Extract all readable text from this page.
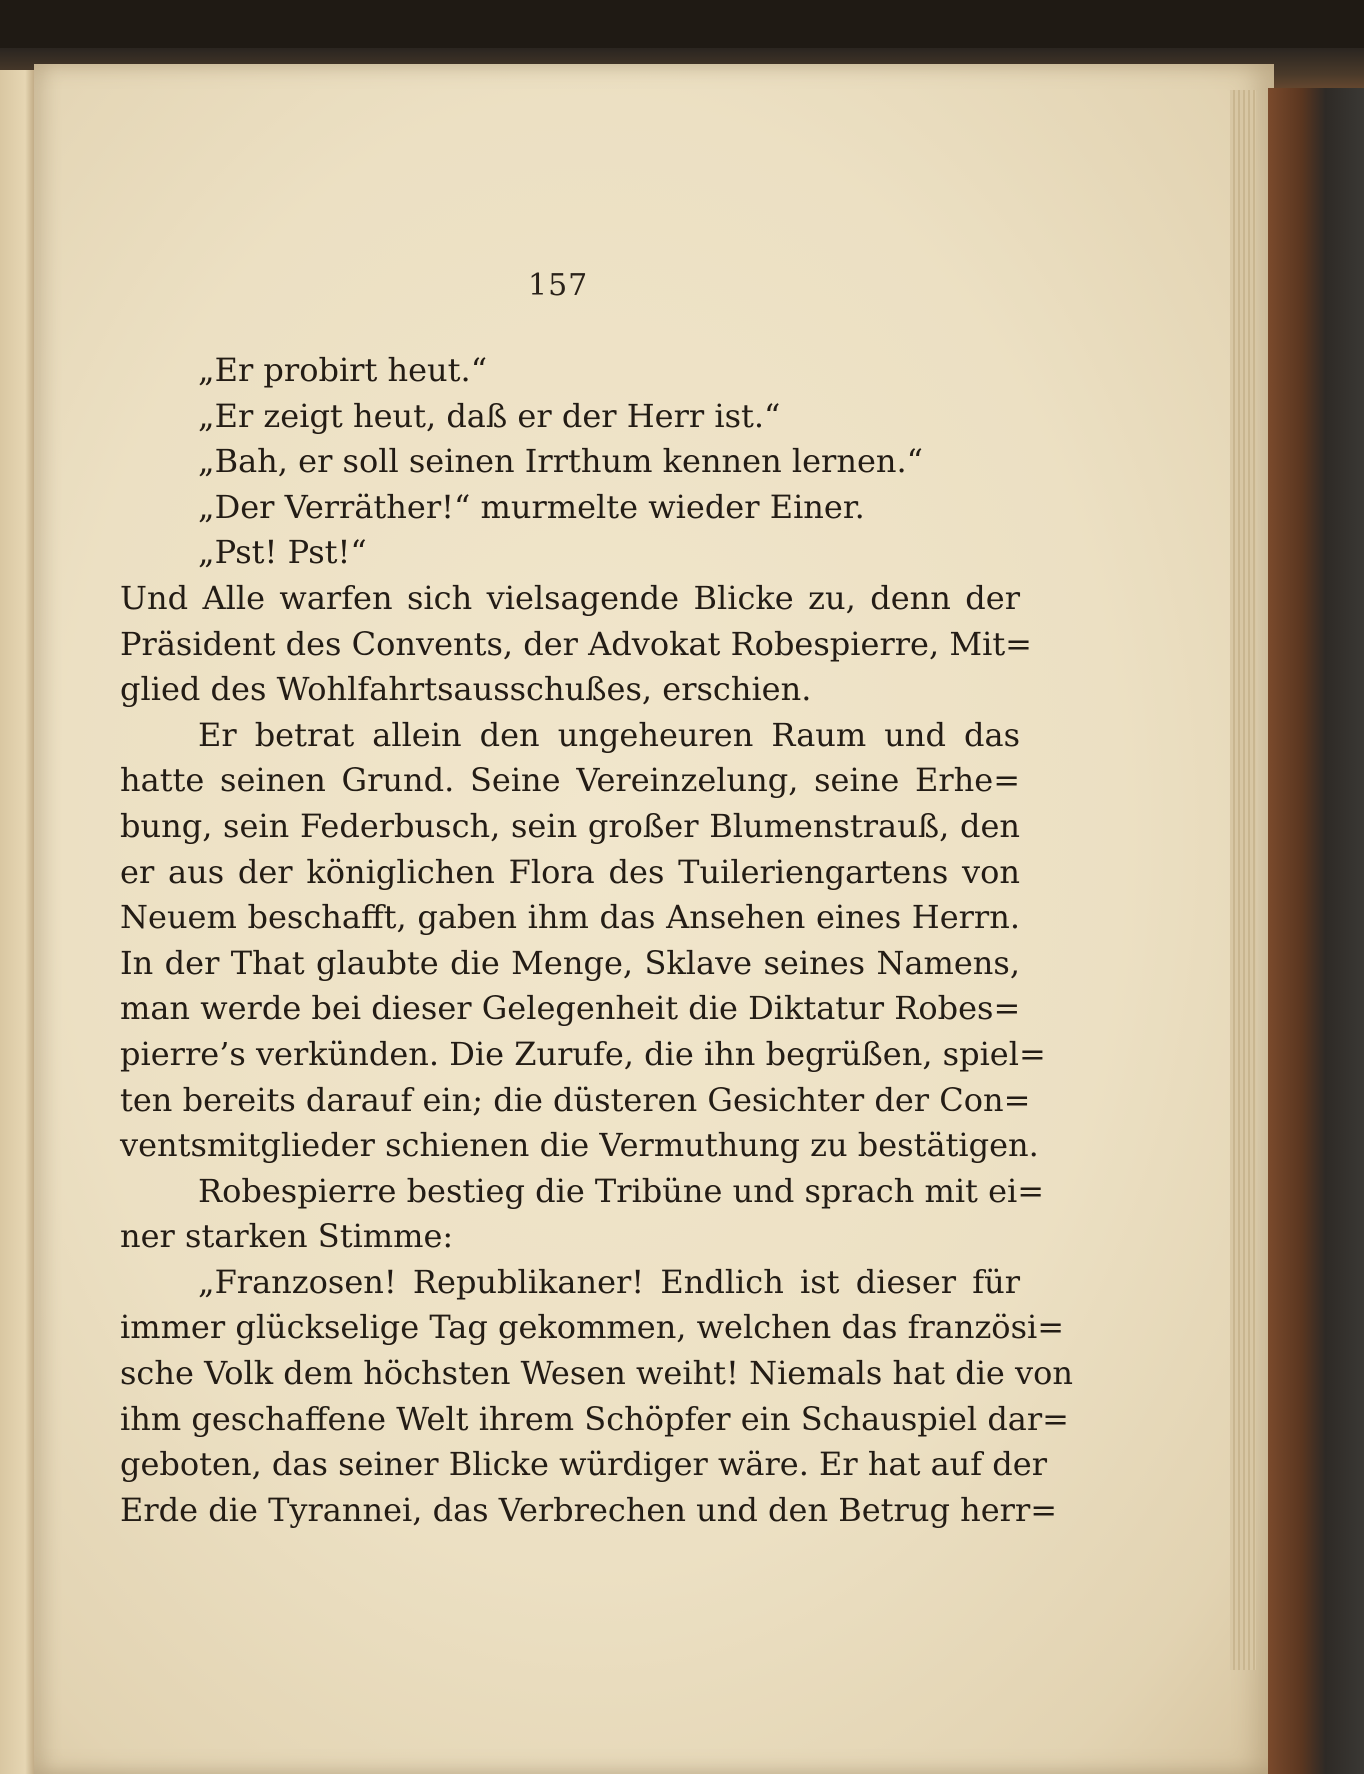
157
„Er probirt heut.“
„Er zeigt heut, daß er der Herr ist.“
„Bah, er soll seinen Irrthum kennen lernen.“
„Der Verräther!“ murmelte wieder Einer.
„Pst! Pst!“
Und Alle warfen sich vielsagende Blicke zu, denn der
Präsident des Convents, der Advokat Robespierre, Mit=
glied des Wohlfahrtsausschußes, erschien.
Er betrat allein den ungeheuren Raum und das
hatte seinen Grund. Seine Vereinzelung, seine Erhe=
bung, sein Federbusch, sein großer Blumenstrauß, den
er aus der königlichen Flora des Tuileriengartens von
Neuem beschafft, gaben ihm das Ansehen eines Herrn.
In der That glaubte die Menge, Sklave seines Namens,
man werde bei dieser Gelegenheit die Diktatur Robes=
pierre’s verkünden. Die Zurufe, die ihn begrüßen, spiel=
ten bereits darauf ein; die düsteren Gesichter der Con=
ventsmitglieder schienen die Vermuthung zu bestätigen.
Robespierre bestieg die Tribüne und sprach mit ei=
ner starken Stimme:
„Franzosen! Republikaner! Endlich ist dieser für
immer glückselige Tag gekommen, welchen das französi=
sche Volk dem höchsten Wesen weiht! Niemals hat die von
ihm geschaffene Welt ihrem Schöpfer ein Schauspiel dar=
geboten, das seiner Blicke würdiger wäre. Er hat auf der
Erde die Tyrannei, das Verbrechen und den Betrug herr=
